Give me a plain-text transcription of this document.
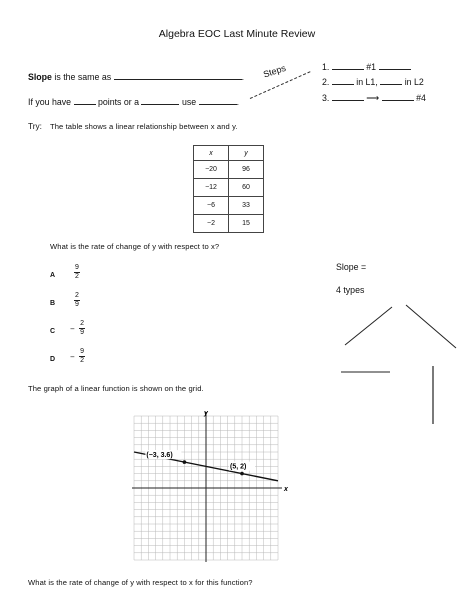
Algebra EOC Last Minute Review
Slope is the same as	.
If you have	points or a	use	.
Steps	1.	#1
2.	in L1,	in L2
3.	⟶	#4
Try: The table shows a linear relationship between x and y.
x	y
−20	96
−12	60
−6	33
−2	15
What is the rate of change of y with respect to x?
A	$\frac{9}{2}$
B	$\frac{2}{9}$
$C - \frac{2}{9}$
$D - \frac{9}{2}$
Slope =
4 types
The graph of a linear function is shown on the grid.
(−3, 3.6)
(5, 2)
x
y
What is the rate of change of y with respect to x for this function?
